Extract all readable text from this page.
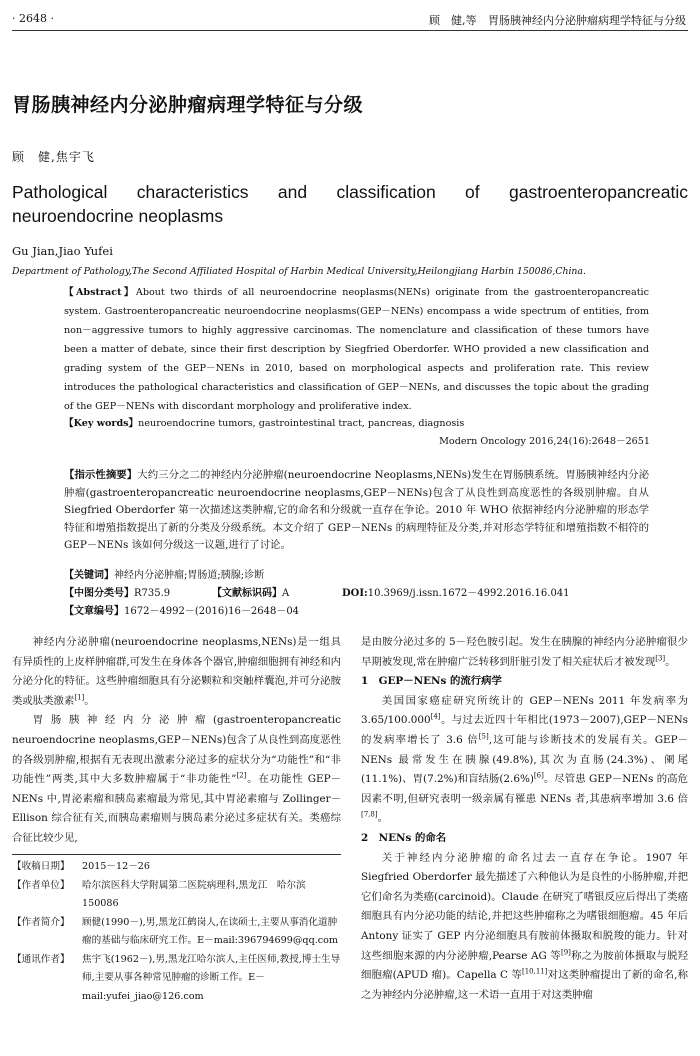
· 2648 ·	顾　健,等 胃肠胰神经内分泌肿瘤病理学特征与分级
胃肠胰神经内分泌肿瘤病理学特征与分级
顾　健,焦宇飞
Pathological characteristics and classification of gastroenteropancreatic neuroendocrine neoplasms
Gu Jian,Jiao Yufei
Department of Pathology,The Second Affiliated Hospital of Harbin Medical University,Heilongjiang Harbin 150086,China.
【Abstract】About two thirds of all neuroendocrine neoplasms(NENs) originate from the gastroenteropancreatic system. Gastroenteropancreatic neuroendocrine neoplasms(GEP－NENs) encompass a wide spectrum of entities, from non－aggressive tumors to highly aggressive carcinomas. The nomenclature and classification of these tumors have been a matter of debate, since their first description by Siegfried Oberdorfer. WHO provided a new classification and grading system of the GEP－NENs in 2010, based on morphological aspects and proliferation rate. This review introduces the pathological characteristics and classification of GEP－NENs, and discusses the topic about the grading of the GEP－NENs with discordant morphology and proliferative index.
【Key words】neuroendocrine tumors, gastrointestinal tract, pancreas, diagnosis
Modern Oncology 2016,24(16):2648－2651
【指示性摘要】大约三分之二的神经内分泌肿瘤(neuroendocrine Neoplasms,NENs)发生在胃肠胰系统。胃肠胰神经内分泌肿瘤(gastroenteropancreatic neuroendocrine neoplasms,GEP－NENs)包含了从良性到高度恶性的各级别肿瘤。自从 Siegfried Oberdorfer 第一次描述这类肿瘤,它的命名和分级就一直存在争论。2010 年 WHO 依据神经内分泌肿瘤的形态学特征和增殖指数提出了新的分类及分级系统。本文介绍了 GEP－NENs 的病理特征及分类,并对形态学特征和增殖指数不相符的 GEP－NENs 该如何分级这一议题,进行了讨论。
【关键词】神经内分泌肿瘤;胃肠道;胰腺;诊断
【中图分类号】R735.9	【文献标识码】A	DOI:10.3969/j.issn.1672－4992.2016.16.041
【文章编号】1672－4992－(2016)16－2648－04

神经内分泌肿瘤(neuroendocrine neoplasms,NENs)是一组具有异质性的上皮样肿瘤群,可发生在身体各个器官,肿瘤细胞拥有神经和内分泌分化的特征。这些肿瘤细胞具有分泌颗粒和突触样囊泡,并可分泌胺类或肽类激素[1]。

胃肠胰神经内分泌肿瘤(gastroenteropancreatic neuroendocrine neoplasms,GEP－NENs)包含了从良性到高度恶性的各级别肿瘤,根据有无表现出激素分泌过多的症状分为“功能性”和“非功能性”两类,其中大多数肿瘤属于“非功能性”[2]。在功能性 GEP－NENs 中,胃泌素瘤和胰岛素瘤最为常见,其中胃泌素瘤与 Zollinger－Ellison 综合征有关,而胰岛素瘤则与胰岛素分泌过多症状有关。类癌综合征比较少见,

【收稿日期】	2015－12－26
【作者单位】	哈尔滨医科大学附属第二医院病理科,黑龙江　哈尔滨　150086
【作者简介】	顾健(1990－),男,黑龙江鹤岗人,在读硕士,主要从事消化道肿瘤的基础与临床研究工作。E－mail:396794699@qq.com
【通讯作者】	焦宇飞(1962－),男,黑龙江哈尔滨人,主任医师,教授,博士生导师,主要从事各种常见肿瘤的诊断工作。E－mail:yufei_jiao@126.com

是由胺分泌过多的 5－羟色胺引起。发生在胰腺的神经内分泌肿瘤很少早期被发现,常在肿瘤广泛转移到肝脏引发了相关症状后才被发现[3]。

1　GEP－NENs 的流行病学

美国国家癌症研究所统计的 GEP－NENs 2011 年发病率为 3.65/100.000[4]。与过去近四十年相比(1973－2007),GEP－NENs 的发病率增长了 3.6 倍[5],这可能与诊断技术的发展有关。GEP－NENs 最常发生在胰腺(49.8%),其次为直肠(24.3%)、阑尾(11.1%)、胃(7.2%)和盲结肠(2.6%)[6]。尽管患 GEP－NENs 的高危因素不明,但研究表明一级亲属有罹患 NENs 者,其患病率增加 3.6 倍[7,8]。

2　NENs 的命名

关于神经内分泌肿瘤的命名过去一直存在争论。1907 年 Siegfried Oberdorfer 最先描述了六种他认为是良性的小肠肿瘤,并把它们命名为类癌(carcinoid)。Claude 在研究了嗜银反应后得出了类癌细胞具有内分泌功能的结论,并把这些肿瘤称之为嗜银细胞瘤。45 年后 Antony 证实了 GEP 内分泌细胞具有胺前体摄取和脱羧的能力。针对这些细胞来源的内分泌肿瘤,Pearse AG 等[9]称之为胺前体摄取与脱羟细胞瘤(APUD 瘤)。Capella C 等[10,11]对这类肿瘤提出了新的命名,称之为神经内分泌肿瘤,这一术语一直用于对这类肿瘤
